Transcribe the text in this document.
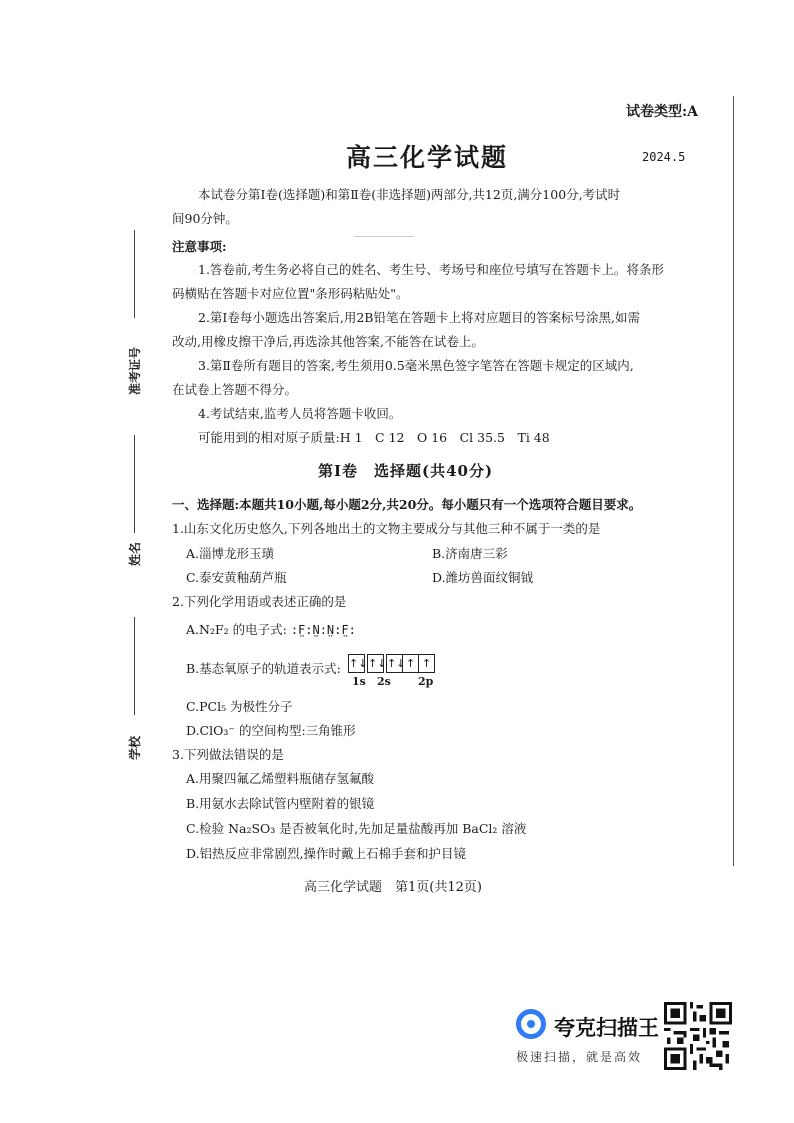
试卷类型:A
高三化学试题	2024.5
本试卷分第Ⅰ卷(选择题)和第Ⅱ卷(非选择题)两部分,共12页,满分100分,考试时
间90分钟。
注意事项:
1.答卷前,考生务必将自己的姓名、考生号、考场号和座位号填写在答题卡上。将条形
码横贴在答题卡对应位置"条形码粘贴处"。
2.第Ⅰ卷每小题选出答案后,用2B铅笔在答题卡上将对应题目的答案标号涂黑,如需
改动,用橡皮擦干净后,再选涂其他答案,不能答在试卷上。
3.第Ⅱ卷所有题目的答案,考生须用0.5毫米黑色签字笔答在答题卡规定的区域内,
在试卷上答题不得分。
4.考试结束,监考人员将答题卡收回。
可能用到的相对原子质量:H 1　C 12　O 16　Cl 35.5　Ti 48
准考证号
姓名
学校
第Ⅰ卷　选择题(共40分)
一、选择题:本题共10小题,每小题2分,共20分。每小题只有一个选项符合题目要求。
1.山东文化历史悠久,下列各地出土的文物主要成分与其他三种不属于一类的是
A.淄博龙形玉璜	B.济南唐三彩
C.泰安黄釉葫芦瓶	D.潍坊兽面纹铜钺
2.下列化学用语或表述正确的是
A.N₂F₂ 的电子式: :F̤:N̤:N̤:F̤:
B.基态氧原子的轨道表示式: ↑↓ ↑↓ ↑↓ ↑ ↑
1s 2s 2p
C.PCl₅ 为极性分子
D.ClO₃⁻ 的空间构型:三角锥形
3.下列做法错误的是
A.用聚四氟乙烯塑料瓶储存氢氟酸
B.用氨水去除试管内壁附着的银镜
C.检验 Na₂SO₃ 是否被氧化时,先加足量盐酸再加 BaCl₂ 溶液
D.铝热反应非常剧烈,操作时戴上石棉手套和护目镜
高三化学试题　第1页(共12页)
夸克扫描王
极速扫描，就是高效
